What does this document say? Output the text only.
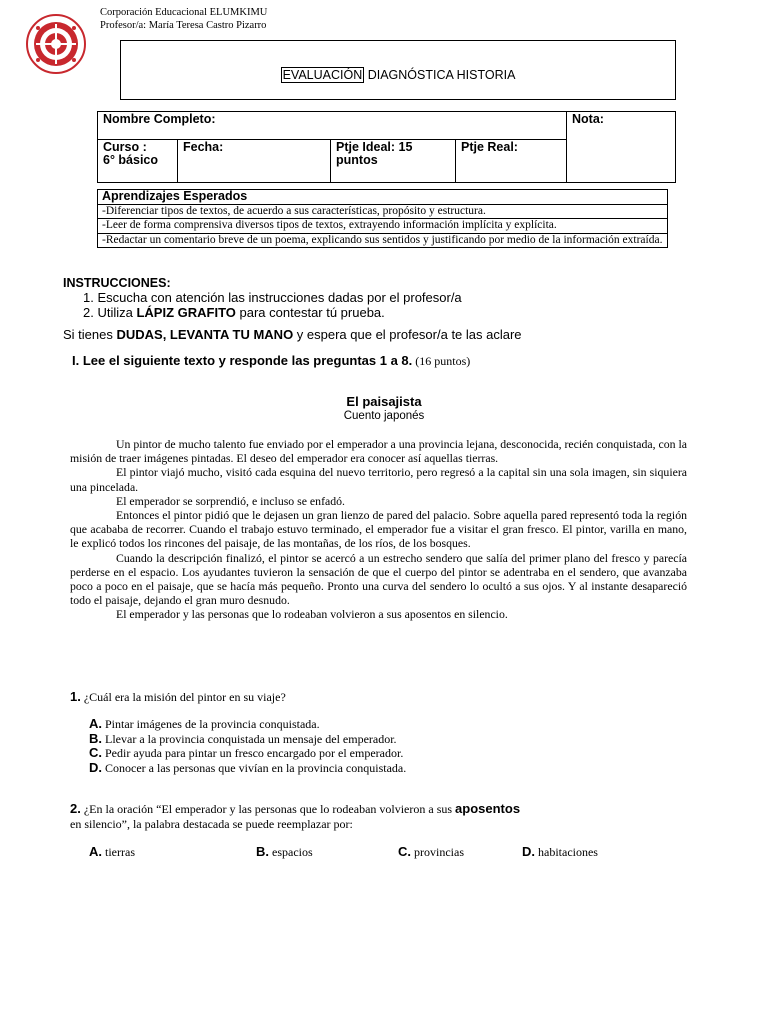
Corporación Educacional ELUMKIMU
Profesor/a: María Teresa Castro Pizarro
EVALUACIÓN DIAGNÓSTICA HISTORIA
Nombre Completo:				Nota:

Curso :
6° básico	Fecha:	Ptje Ideal: 15 puntos	Ptje Real:	
Aprendizajes Esperados
-Diferenciar tipos de textos, de acuerdo a sus características, propósito y estructura.
-Leer de forma comprensiva diversos tipos de textos, extrayendo información implícita y explícita.
-Redactar un comentario breve de un poema, explicando sus sentidos y justificando por medio de la información extraída.
INSTRUCCIONES:
1. Escucha con atención las instrucciones dadas por el profesor/a
2. Utiliza LÁPIZ GRAFITO para contestar tú prueba.
Si tienes DUDAS, LEVANTA TU MANO y espera que el profesor/a te las aclare
I. Lee el siguiente texto y responde las preguntas 1 a 8. (16 puntos)
El paisajista
Cuento japonés

Un pintor de mucho talento fue enviado por el emperador a una provincia lejana, desconocida, recién conquistada, con la misión de traer imágenes pintadas. El deseo del emperador era conocer así aquellas tierras.

El pintor viajó mucho, visitó cada esquina del nuevo territorio, pero regresó a la capital sin una sola imagen, sin siquiera una pincelada.

El emperador se sorprendió, e incluso se enfadó.

Entonces el pintor pidió que le dejasen un gran lienzo de pared del palacio. Sobre aquella pared representó toda la región que acababa de recorrer. Cuando el trabajo estuvo terminado, el emperador fue a visitar el gran fresco. El pintor, varilla en mano, le explicó todos los rincones del paisaje, de las montañas, de los ríos, de los bosques.

Cuando la descripción finalizó, el pintor se acercó a un estrecho sendero que salía del primer plano del fresco y parecía perderse en el espacio. Los ayudantes tuvieron la sensación de que el cuerpo del pintor se adentraba en el sendero, que avanzaba poco a poco en el paisaje, que se hacía más pequeño. Pronto una curva del sendero lo ocultó a sus ojos. Y al instante desapareció todo el paisaje, dejando el gran muro desnudo.

El emperador y las personas que lo rodeaban volvieron a sus aposentos en silencio.

1. ¿Cuál era la misión del pintor en su viaje?
A. Pintar imágenes de la provincia conquistada.
B. Llevar a la provincia conquistada un mensaje del emperador.
C. Pedir ayuda para pintar un fresco encargado por el emperador.
D. Conocer a las personas que vivían en la provincia conquistada.
2. ¿En la oración “El emperador y las personas que lo rodeaban volvieron a sus aposentos
en silencio”, la palabra destacada se puede reemplazar por:
A. tierras	B. espacios	C. provincias	D. habitaciones
